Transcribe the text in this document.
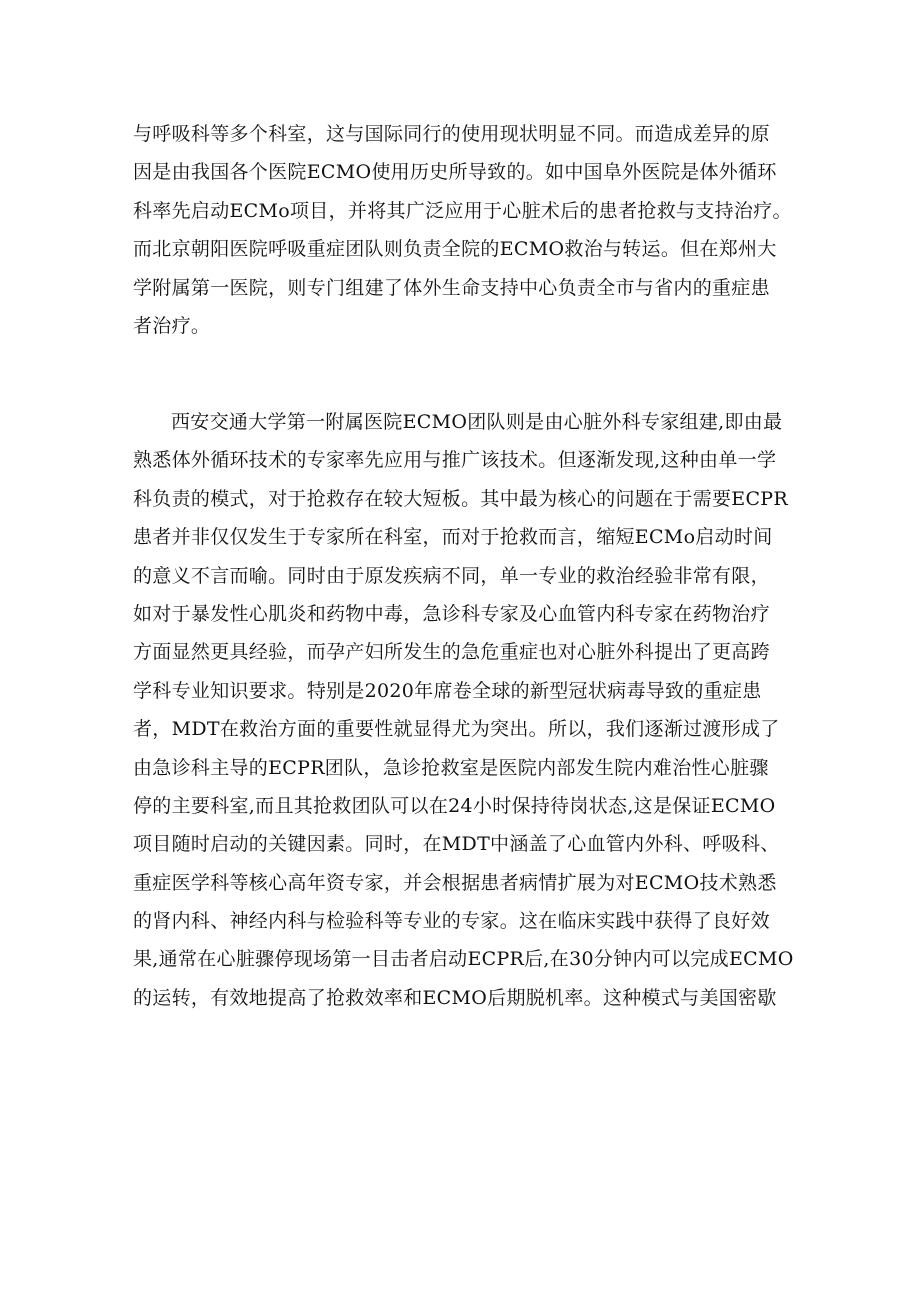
与呼吸科等多个科室，这与国际同行的使用现状明显不同。而造成差异的原
因是由我国各个医院ECMO使用历史所导致的。如中国阜外医院是体外循环
科率先启动ECMo项目，并将其广泛应用于心脏术后的患者抢救与支持治疗。
而北京朝阳医院呼吸重症团队则负责全院的ECMO救治与转运。但在郑州大
学附属第一医院，则专门组建了体外生命支持中心负责全市与省内的重症患
者治疗。
西安交通大学第一附属医院ECMO团队则是由心脏外科专家组建,即由最
熟悉体外循环技术的专家率先应用与推广该技术。但逐渐发现,这种由单一学
科负责的模式，对于抢救存在较大短板。其中最为核心的问题在于需要ECPR
患者并非仅仅发生于专家所在科室，而对于抢救而言，缩短ECMo启动时间
的意义不言而喻。同时由于原发疾病不同，单一专业的救治经验非常有限，
如对于暴发性心肌炎和药物中毒，急诊科专家及心血管内科专家在药物治疗
方面显然更具经验，而孕产妇所发生的急危重症也对心脏外科提出了更高跨
学科专业知识要求。特别是2020年席卷全球的新型冠状病毒导致的重症患
者，MDT在救治方面的重要性就显得尤为突出。所以，我们逐渐过渡形成了
由急诊科主导的ECPR团队，急诊抢救室是医院内部发生院内难治性心脏骤
停的主要科室,而且其抢救团队可以在24小时保持待岗状态,这是保证ECMO
项目随时启动的关键因素。同时，在MDT中涵盖了心血管内外科、呼吸科、
重症医学科等核心高年资专家，并会根据患者病情扩展为对ECMO技术熟悉
的肾内科、神经内科与检验科等专业的专家。这在临床实践中获得了良好效
果,通常在心脏骤停现场第一目击者启动ECPR后,在30分钟内可以完成ECMO
的运转，有效地提高了抢救效率和ECMO后期脱机率。这种模式与美国密歇
